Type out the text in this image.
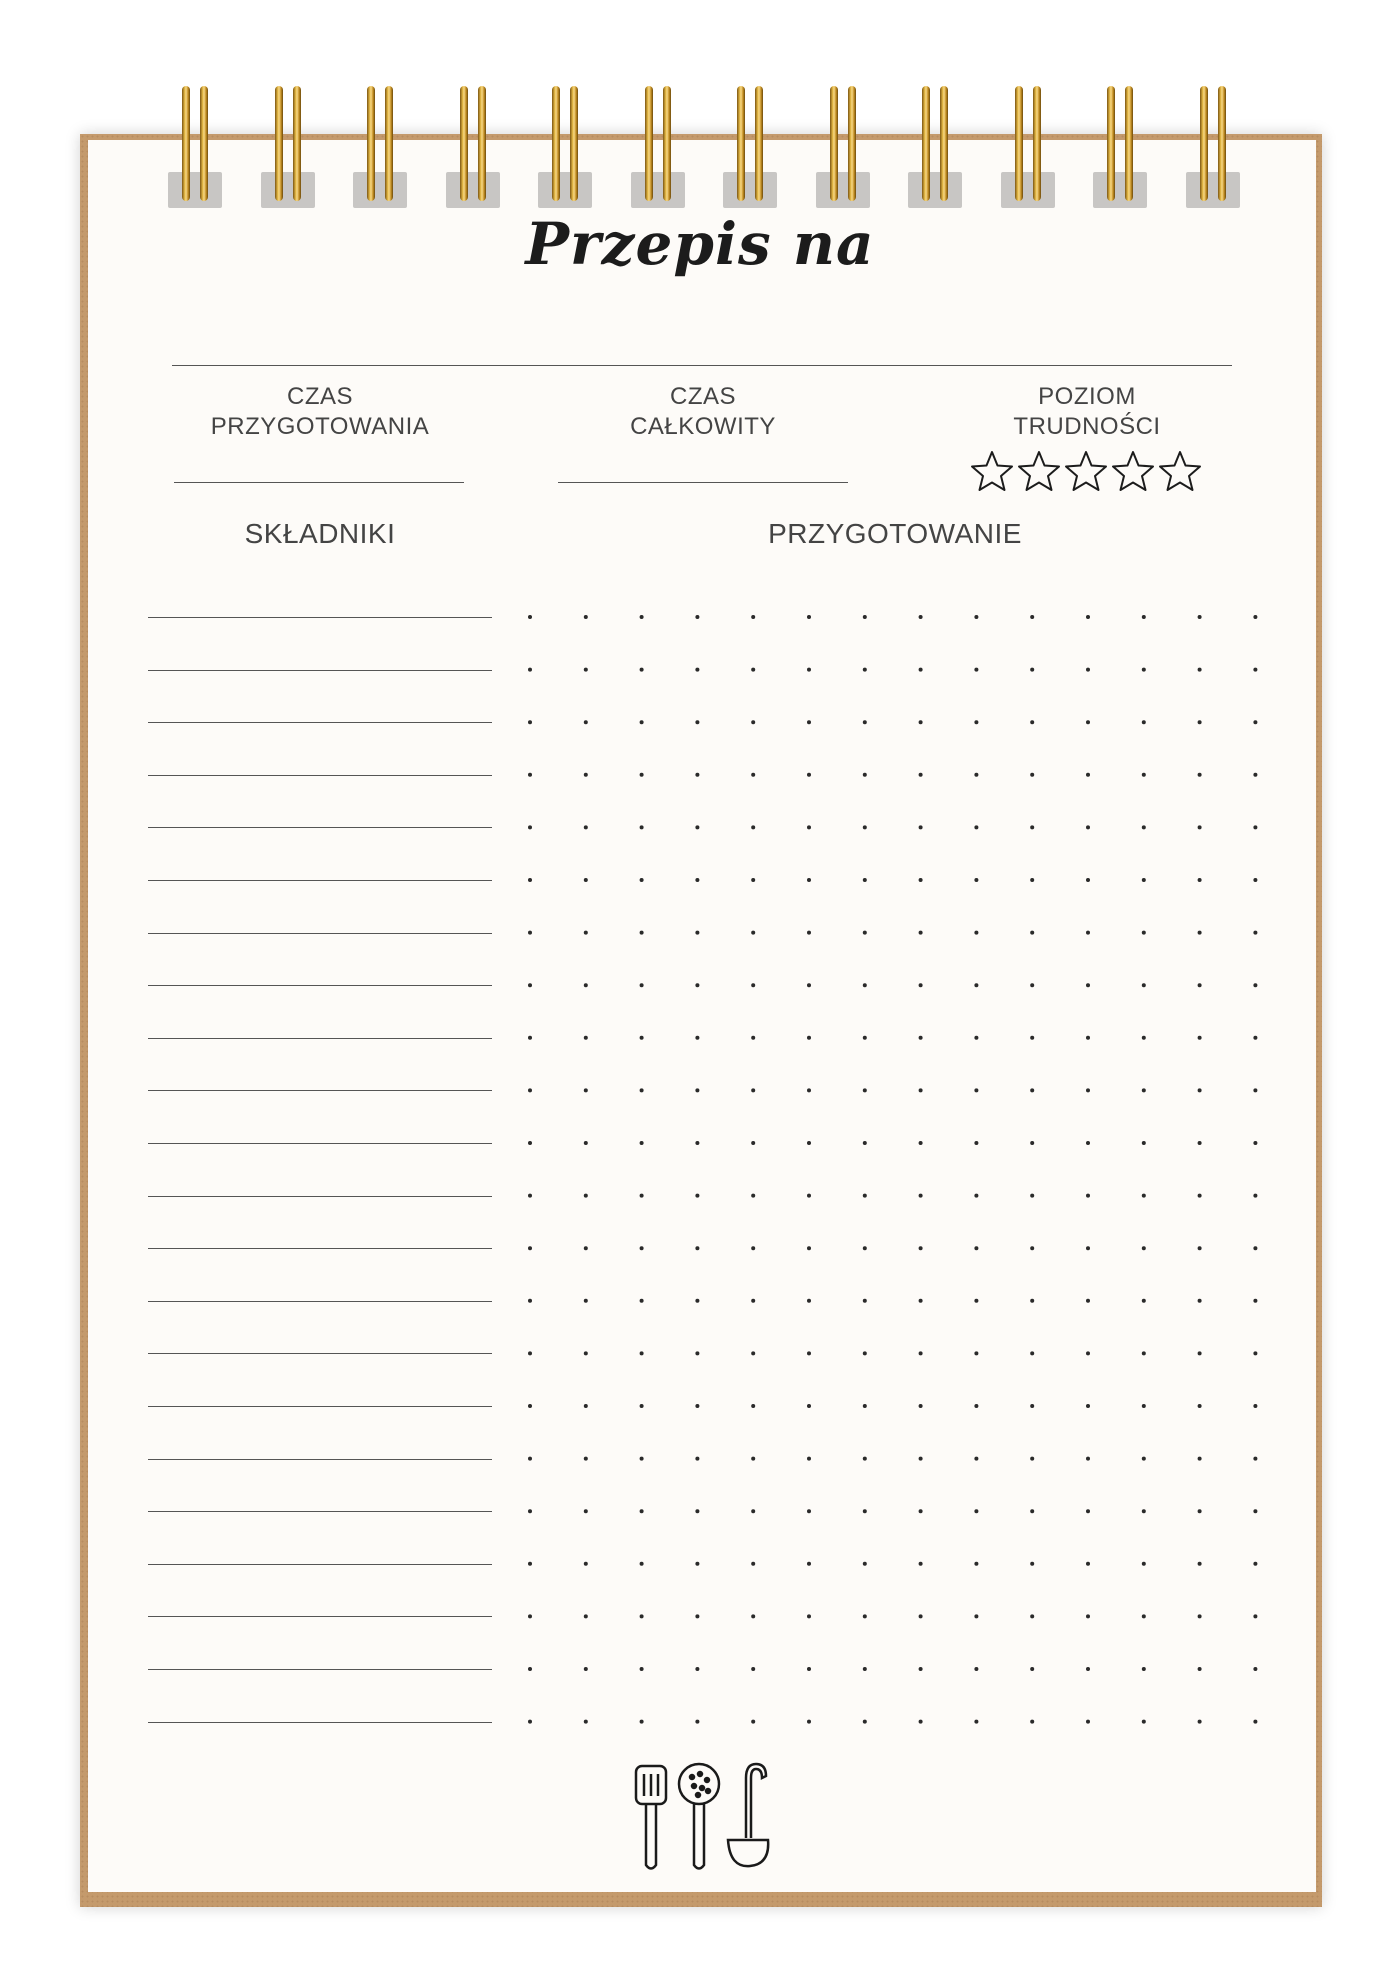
Przepis na
CZAS
PRZYGOTOWANIA
CZAS
CAŁKOWITY
POZIOM
TRUDNOŚCI
SKŁADNIKI	PRZYGOTOWANIE
